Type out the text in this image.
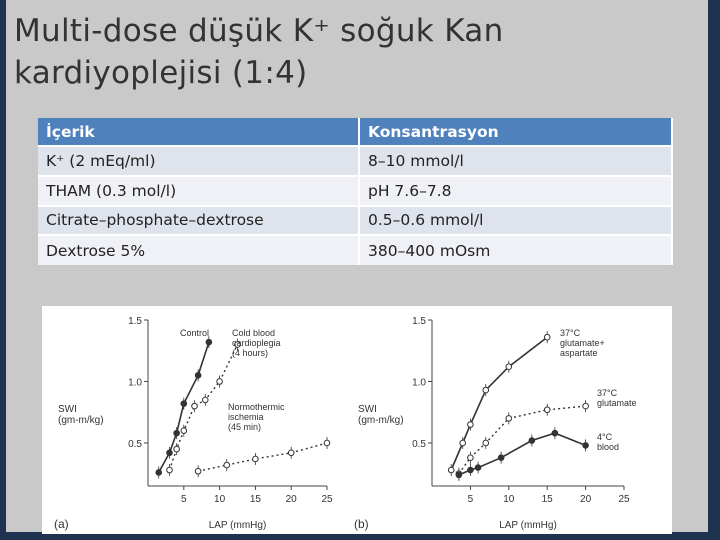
Multi-dose düşük K⁺ soğuk Kan kardiyoplejisi (1:4)
İçerik	Konsantrasyon
K⁺ (2 mEq/ml)	8–10 mmol/l
THAM (0.3 mol/l)	pH 7.6–7.8
Citrate–phosphate–dextrose	0.5–0.6 mmol/l
Dextrose 5%	380–400 mOsm
5	10 15 20 25
0.5
1.0
1.5
LAP (mmHg)
SWI (gm-m/kg)
(a)
Control	Cold blood cardioplegia (4 hours)
Normothermic ischemia (45 min)
5	10	15	20	25
0.5
1.0
1.5
LAP (mmHg)
SWI (gm-m/kg)
(b)
37°C glutamate+ aspartate
37°C glutamate
4°C blood
